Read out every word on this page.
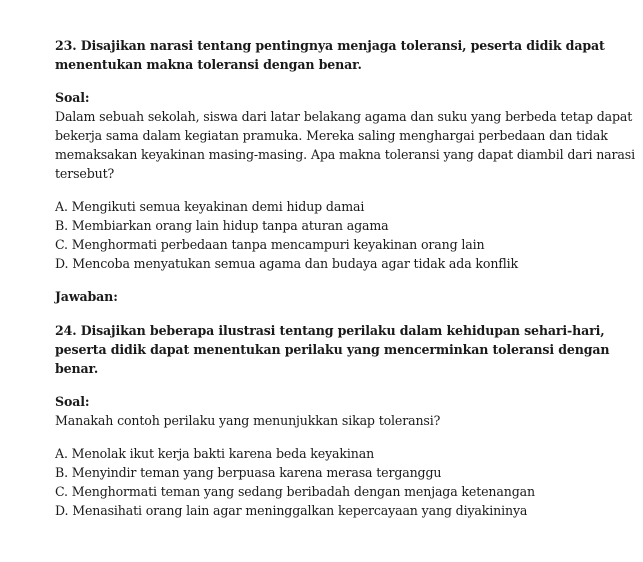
23. Disajikan narasi tentang pentingnya menjaga toleransi, peserta didik dapat menentukan makna toleransi dengan benar.

Soal:

Dalam sebuah sekolah, siswa dari latar belakang agama dan suku yang berbeda tetap dapat bekerja sama dalam kegiatan pramuka. Mereka saling menghargai perbedaan dan tidak memaksakan keyakinan masing-masing. Apa makna toleransi yang dapat diambil dari narasi tersebut?

A. Mengikuti semua keyakinan demi hidup damai
B. Membiarkan orang lain hidup tanpa aturan agama
C. Menghormati perbedaan tanpa mencampuri keyakinan orang lain
D. Mencoba menyatukan semua agama dan budaya agar tidak ada konflik

Jawaban:

24. Disajikan beberapa ilustrasi tentang perilaku dalam kehidupan sehari-hari, peserta didik dapat menentukan perilaku yang mencerminkan toleransi dengan benar.

Soal:

Manakah contoh perilaku yang menunjukkan sikap toleransi?

A. Menolak ikut kerja bakti karena beda keyakinan
B. Menyindir teman yang berpuasa karena merasa terganggu
C. Menghormati teman yang sedang beribadah dengan menjaga ketenangan
D. Menasihati orang lain agar meninggalkan kepercayaan yang diyakininya
